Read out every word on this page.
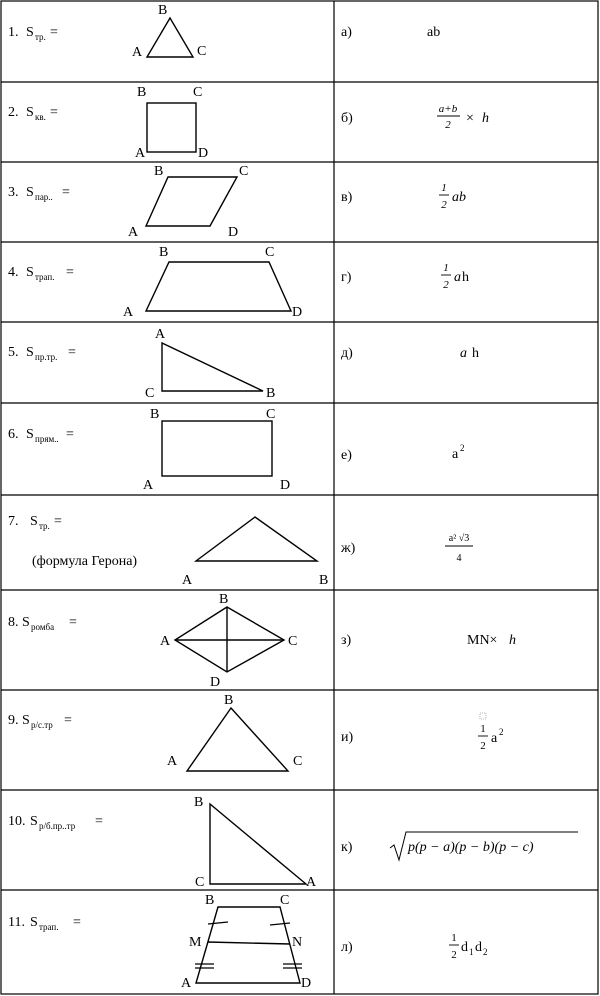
1. S тр. =
B
A	C
а)	ab
2. S кв. =
B	C
A	D
б)
a+b
2 × h
3. S пар.. =
B	C
A	D
в)
1
2 ab
4. S трап. =
B	C
A	D
г)
1
2 a h
5. S пр.тр. =
A
C	B
д)	a h
6. S прям.. =
B	C
A	D
е)	a 2
7. S тр. =
(формула Герона)
A	B
ж)
a² √3
4
8. S ромба =
B
A	C
D
з)	MN× h
9. S р/с.тр =
B
A	C
и)
1
2 a 2
10. S р/б.пр..тр =
B
C	A
к)	p(p − a)(p − b)(p − c)
11. S трап. =
B	C
M	N
A	D
л)
1
2 d 1 d 2
